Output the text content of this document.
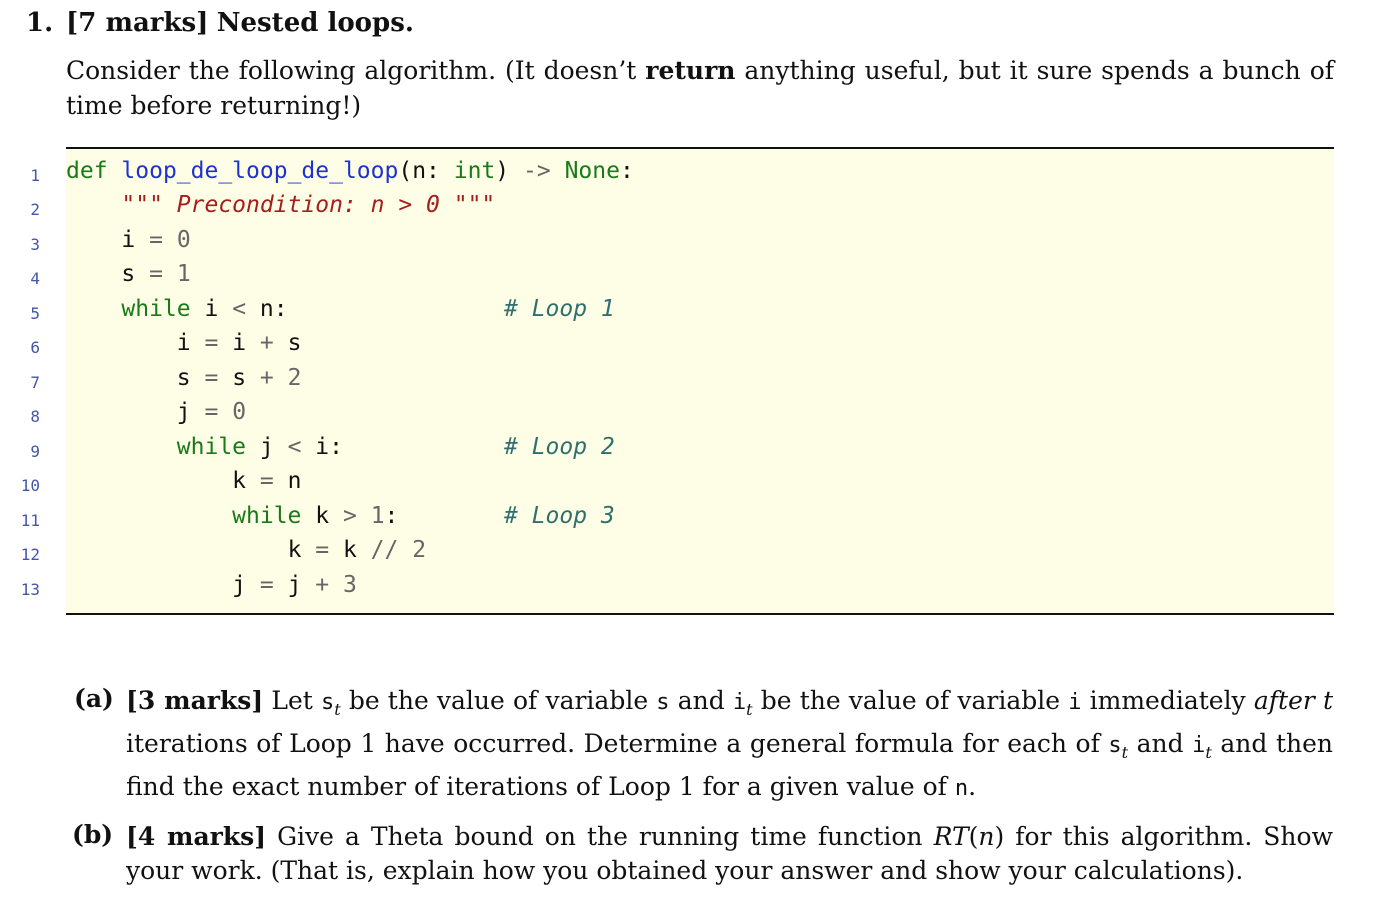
1. [7 marks] Nested loops.
Consider the following algorithm. (It doesn’t return anything useful, but it sure spends a bunch of time before returning!)
1
2
3
4
5
6
7
8
9
10
11
12
13
def loop_de_loop_de_loop(n: int) -> None:
""" Precondition: n > 0 """
i = 0
s = 1
while i < n:	# Loop 1
i = i + s
s = s + 2
j = 0
while j < i:	# Loop 2
k = n
while k > 1:	# Loop 3
k = k // 2
j = j + 3
(a) [3 marks] Let $s_t$ be the value of variable s and $i_t$ be the value of variable i immediately after t iterations of Loop 1 have occurred. Determine a general formula for each of $s_t$ and $i_t$ and then find the exact number of iterations of Loop 1 for a given value of n.
(b) [4 marks] Give a Theta bound on the running time function RT(n) for this algorithm. Show your work. (That is, explain how you obtained your answer and show your calculations).
